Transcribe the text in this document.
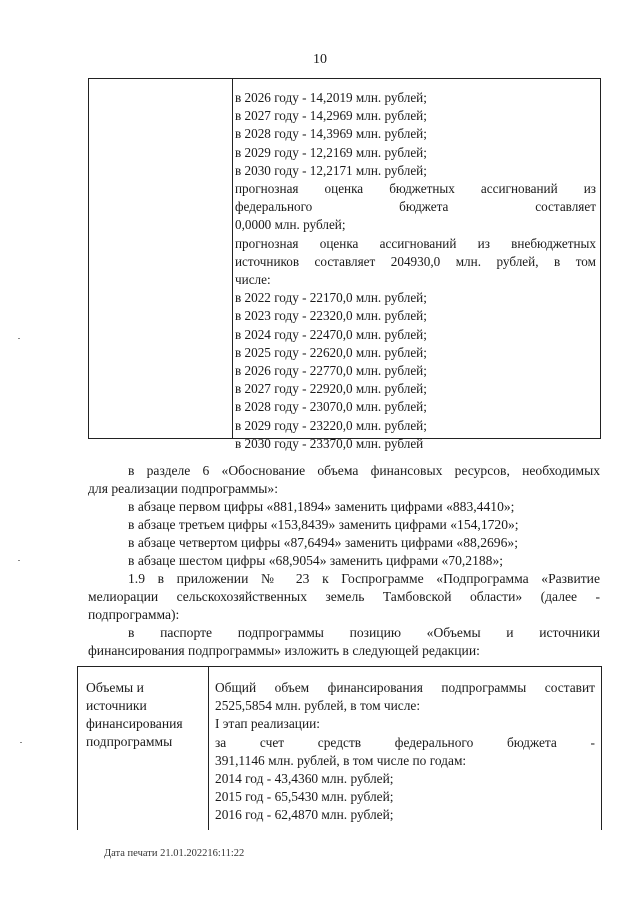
10
в 2026 году - 14,2019 млн. рублей;
в 2027 году - 14,2969 млн. рублей;
в 2028 году - 14,3969 млн. рублей;
в 2029 году - 12,2169 млн. рублей;
в 2030 году - 12,2171 млн. рублей;
прогнозная оценка бюджетных ассигнований из
федерального бюджета составляет
0,0000 млн. рублей;
прогнозная оценка ассигнований из внебюджетных
источников составляет 204930,0 млн. рублей, в том
числе:
в 2022 году - 22170,0 млн. рублей;
в 2023 году - 22320,0 млн. рублей;
в 2024 году - 22470,0 млн. рублей;
в 2025 году - 22620,0 млн. рублей;
в 2026 году - 22770,0 млн. рублей;
в 2027 году - 22920,0 млн. рублей;
в 2028 году - 23070,0 млн. рублей;
в 2029 году - 23220,0 млн. рублей;
в 2030 году - 23370,0 млн. рублей
в разделе 6 «Обоснование объема финансовых ресурсов, необходимых
для реализации подпрограммы»:
в абзаце первом цифры «881,1894» заменить цифрами «883,4410»;
в абзаце третьем цифры «153,8439» заменить цифрами «154,1720»;
в абзаце четвертом цифры «87,6494» заменить цифрами «88,2696»;
в абзаце шестом цифры «68,9054» заменить цифрами «70,2188»;
1.9 в приложении № 23 к Госпрограмме «Подпрограмма «Развитие
мелиорации сельскохозяйственных земель Тамбовской области» (далее -
подпрограмма):
в паспорте подпрограммы позицию «Объемы и источники
финансирования подпрограммы» изложить в следующей редакции:
Объемы и
источники
финансирования
подпрограммы
Общий объем финансирования подпрограммы составит
2525,5854 млн. рублей, в том числе:
I этап реализации:
за счет средств федерального бюджета -
391,1146 млн. рублей, в том числе по годам:
2014 год - 43,4360 млн. рублей;
2015 год - 65,5430 млн. рублей;
2016 год - 62,4870 млн. рублей;
Дата печати 21.01.202216:11:22
